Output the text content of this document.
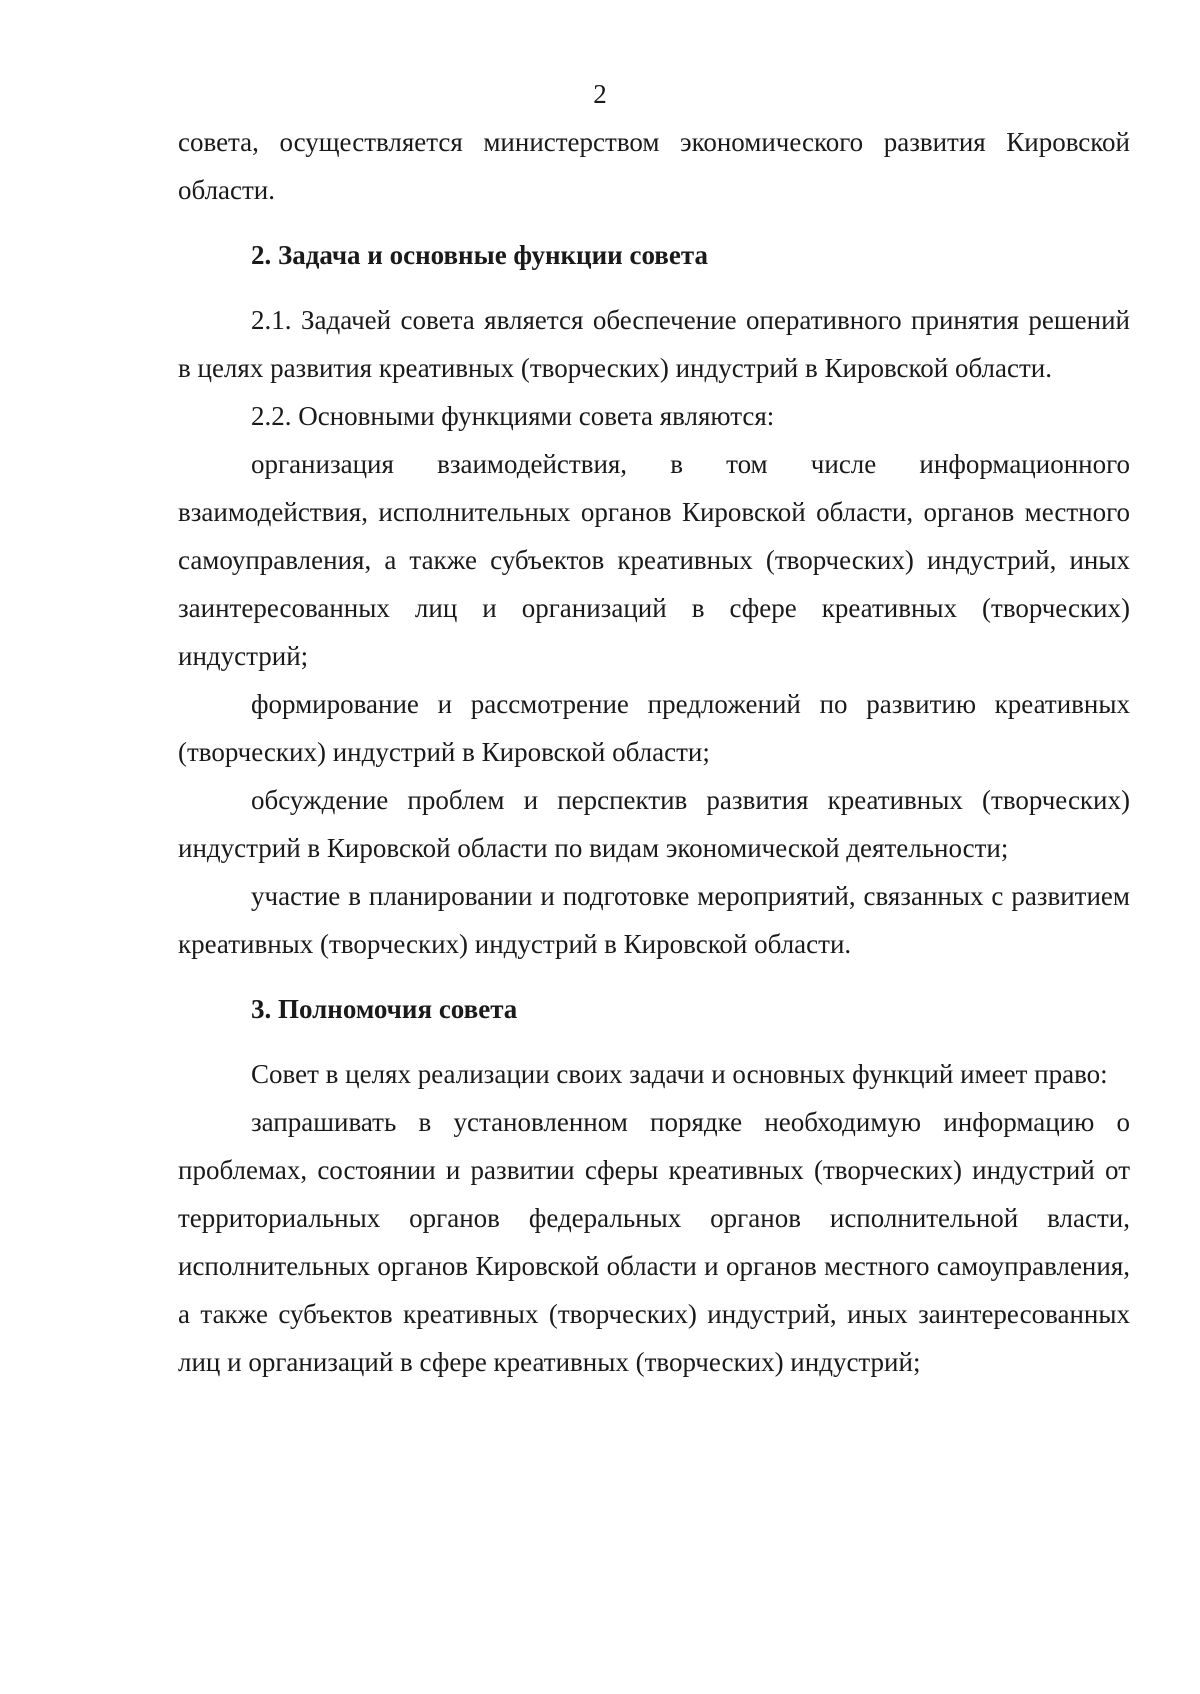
2

совета, осуществляется министерством экономического развития Кировской области.

2. Задача и основные функции совета

2.1. Задачей совета является обеспечение оперативного принятия решений в целях развития креативных (творческих) индустрий в Кировской области.

2.2. Основными функциями совета являются:

организация взаимодействия, в том числе информационного взаимодействия, исполнительных органов Кировской области, органов местного самоуправления, а также субъектов креативных (творческих) индустрий, иных заинтересованных лиц и организаций в сфере креативных (творческих) индустрий;

формирование и рассмотрение предложений по развитию креативных (творческих) индустрий в Кировской области;

обсуждение проблем и перспектив развития креативных (творческих) индустрий в Кировской области по видам экономической деятельности;

участие в планировании и подготовке мероприятий, связанных с развитием креативных (творческих) индустрий в Кировской области.

3. Полномочия совета

Совет в целях реализации своих задачи и основных функций имеет право:

запрашивать в установленном порядке необходимую информацию о проблемах, состоянии и развитии сферы креативных (творческих) индустрий от территориальных органов федеральных органов исполнительной власти, исполнительных органов Кировской области и органов местного самоуправления, а также субъектов креативных (творческих) индустрий, иных заинтересованных лиц и организаций в сфере креативных (творческих) индустрий;
